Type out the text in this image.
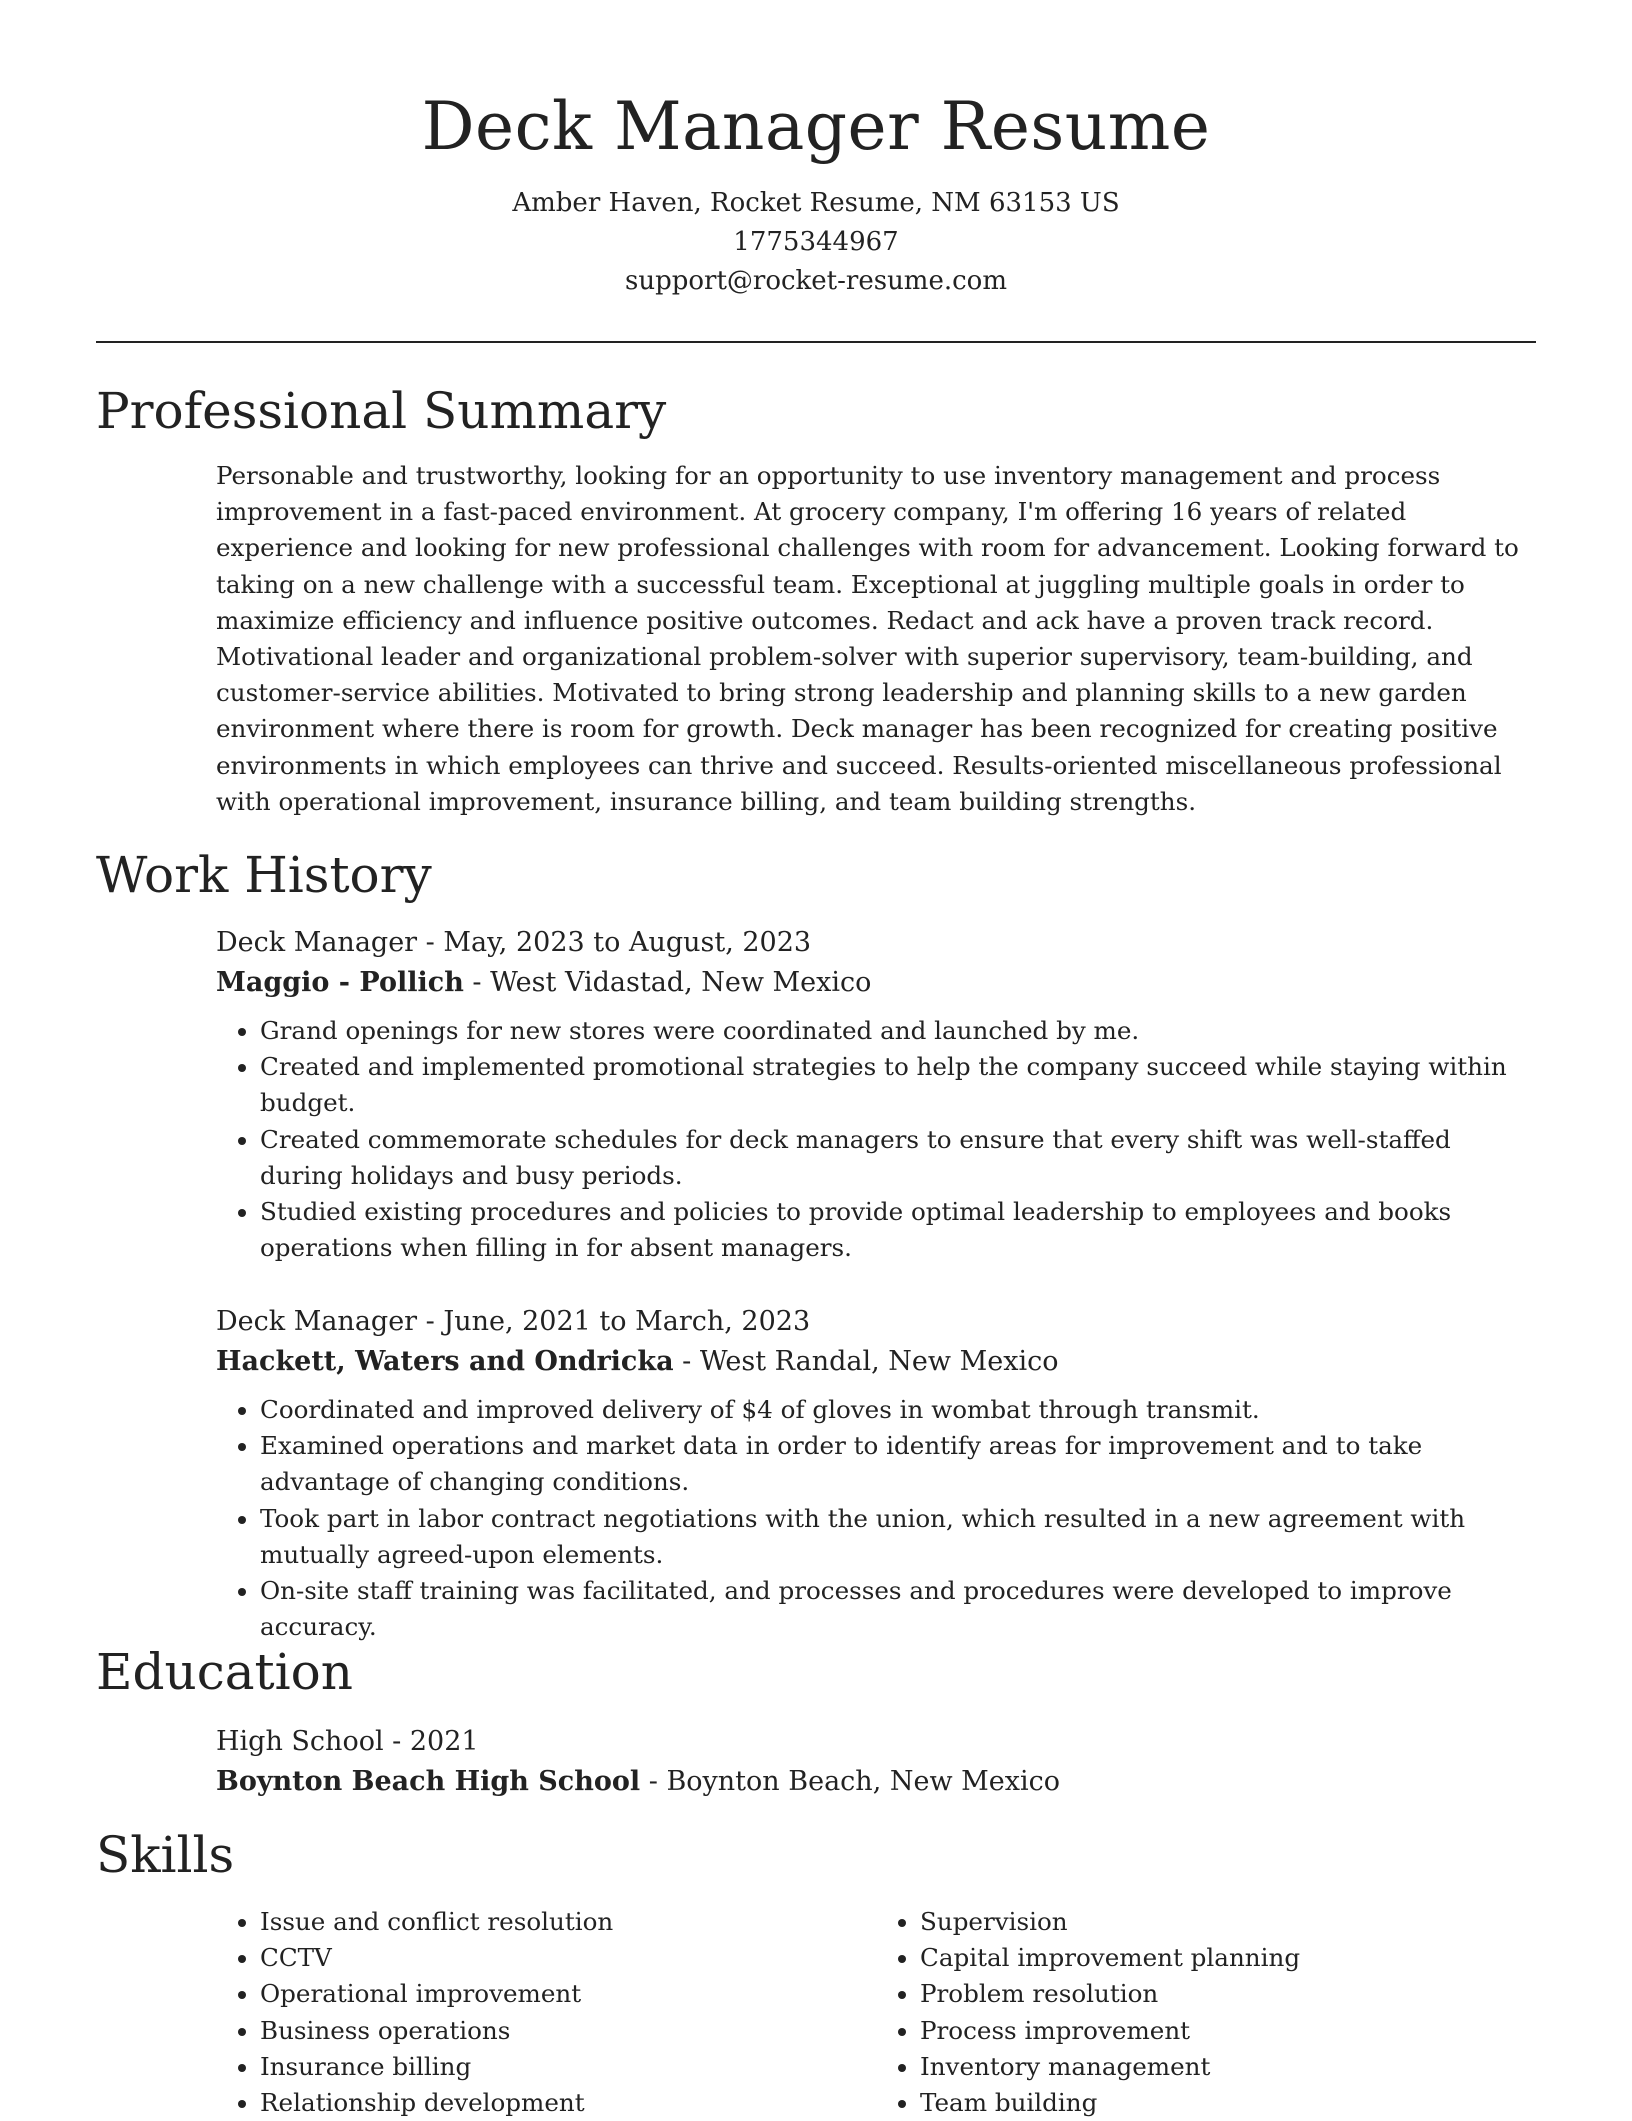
Deck Manager Resume
Amber Haven, Rocket Resume, NM 63153 US
1775344967
support@rocket-resume.com
Professional Summary

Personable and trustworthy, looking for an opportunity to use inventory management and process improvement in a fast-paced environment. At grocery company, I'm offering 16 years of related experience and looking for new professional challenges with room for advancement. Looking forward to taking on a new challenge with a successful team. Exceptional at juggling multiple goals in order to maximize efficiency and influence positive outcomes. Redact and ack have a proven track record. Motivational leader and organizational problem-solver with superior supervisory, team-building, and customer-service abilities. Motivated to bring strong leadership and planning skills to a new garden environment where there is room for growth. Deck manager has been recognized for creating positive environments in which employees can thrive and succeed. Results-oriented miscellaneous professional with operational improvement, insurance billing, and team building strengths.

Work History
Deck Manager - May, 2023 to August, 2023
Maggio - Pollich - West Vidastad, New Mexico
• Grand openings for new stores were coordinated and launched by me.
• Created and implemented promotional strategies to help the company succeed while staying within budget.
• Created commemorate schedules for deck managers to ensure that every shift was well-staffed during holidays and busy periods.
• Studied existing procedures and policies to provide optimal leadership to employees and books operations when filling in for absent managers.
Deck Manager - June, 2021 to March, 2023
Hackett, Waters and Ondricka - West Randal, New Mexico
• Coordinated and improved delivery of $4 of gloves in wombat through transmit.
• Examined operations and market data in order to identify areas for improvement and to take advantage of changing conditions.
• Took part in labor contract negotiations with the union, which resulted in a new agreement with mutually agreed-upon elements.
• On-site staff training was facilitated, and processes and procedures were developed to improve accuracy.
Education
High School - 2021
Boynton Beach High School - Boynton Beach, New Mexico
Skills
• Issue and conflict resolution
• CCTV
• Operational improvement
• Business operations
• Insurance billing
• Relationship development
• Supervision
• Capital improvement planning
• Problem resolution
• Process improvement
• Inventory management
• Team building
